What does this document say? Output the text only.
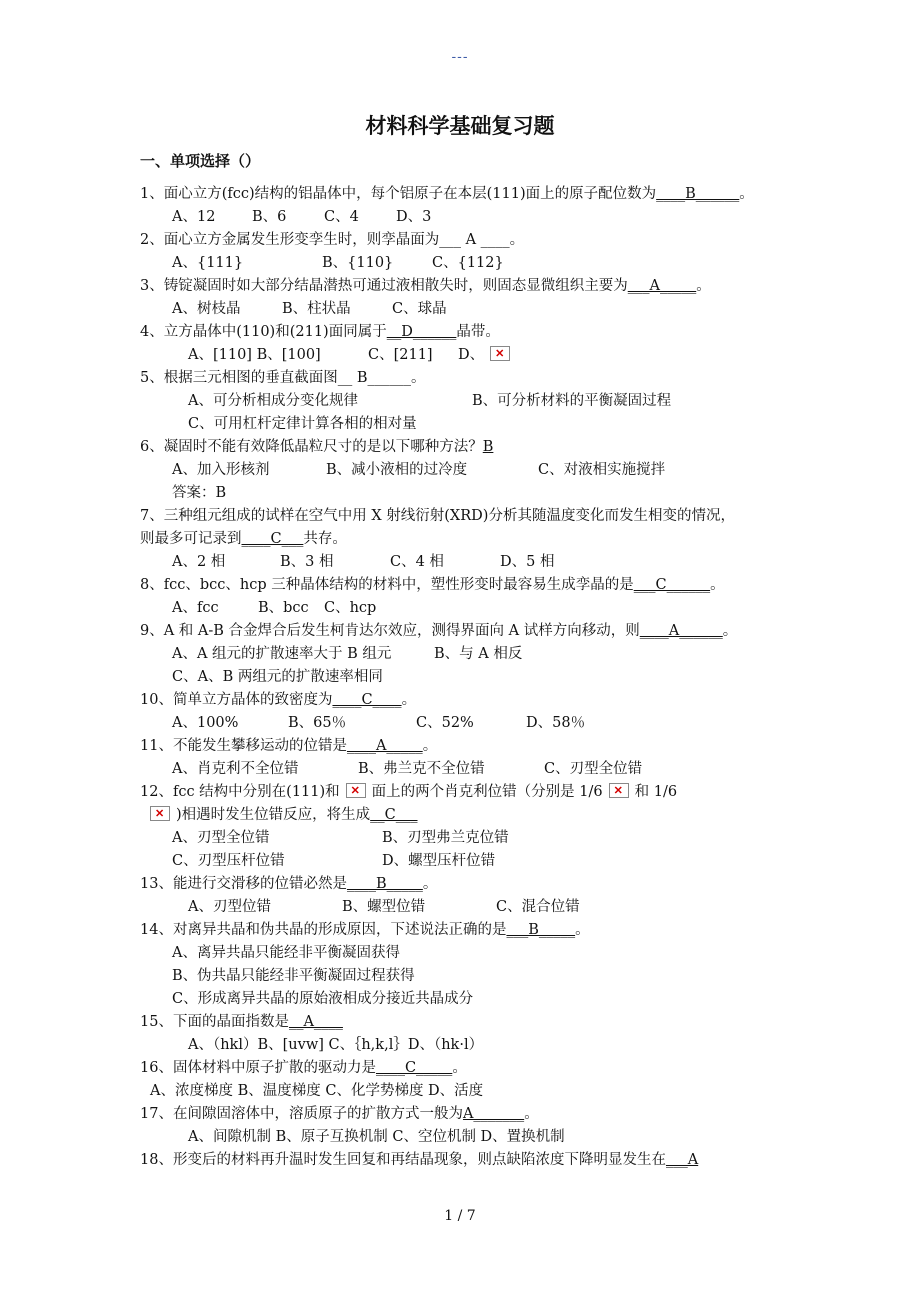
---
材料科学基础复习题
一、单项选择（）
1、面心立方(fcc)结构的铝晶体中，每个铝原子在本层(111)面上的原子配位数为____B______。
A、12	B、6	C、4	D、3
2、面心立方金属发生形变孪生时，则孪晶面为___ A ____。
A、{111}	B、{110}	C、{112}
3、铸锭凝固时如大部分结晶潜热可通过液相散失时，则固态显微组织主要为___A_____。
A、树枝晶	B、柱状晶	C、球晶
4、立方晶体中(110)和(211)面同属于__D______晶带。
A、[110] B、[100]	C、[211] D、✕
5、根据三元相图的垂直截面图__ B______。
A、可分析相成分变化规律	B、可分析材料的平衡凝固过程
C、可用杠杆定律计算各相的相对量
6、凝固时不能有效降低晶粒尺寸的是以下哪种方法？B
A、加入形核剂	B、减小液相的过冷度	C、对液相实施搅拌
答案：B
7、三种组元组成的试样在空气中用 X 射线衍射(XRD)分析其随温度变化而发生相变的情况，
则最多可记录到____C___共存。
A、2 相	B、3 相	C、4 相	D、5 相
8、fcc、bcc、hcp 三种晶体结构的材料中，塑性形变时最容易生成孪晶的是___C______。
A、fcc	B、bcc C、hcp
9、A 和 A-B 合金焊合后发生柯肯达尔效应，测得界面向 A 试样方向移动，则____A______。
A、A 组元的扩散速率大于 B 组元	B、与 A 相反
C、A、B 两组元的扩散速率相同
10、简单立方晶体的致密度为____C____。
A、100%	B、65％	C、52%	D、58％
11、不能发生攀移运动的位错是____A_____。
A、肖克利不全位错	B、弗兰克不全位错	C、刃型全位错
12、fcc 结构中分别在(111)和 ✕ 面上的两个肖克利位错（分别是 1/6 ✕ 和 1/6
✕)相遇时发生位错反应，将生成__C___
A、刃型全位错	B、刃型弗兰克位错
C、刃型压杆位错	D、螺型压杆位错
13、能进行交滑移的位错必然是____B_____。
A、刃型位错	B、螺型位错	C、混合位错
14、对离异共晶和伪共晶的形成原因，下述说法正确的是___B_____。
A、离异共晶只能经非平衡凝固获得
B、伪共晶只能经非平衡凝固过程获得
C、形成离异共晶的原始液相成分接近共晶成分
15、下面的晶面指数是__A____
A、（hkl）B、[uvw] C、｛h,k,l｝D、（hk·l）
16、固体材料中原子扩散的驱动力是____C_____。
A、浓度梯度 B、温度梯度 C、化学势梯度 D、活度
17、在间隙固溶体中，溶质原子的扩散方式一般为A_______。
A、间隙机制 B、原子互换机制 C、空位机制 D、置换机制
18、形变后的材料再升温时发生回复和再结晶现象，则点缺陷浓度下降明显发生在___A
1 / 7
